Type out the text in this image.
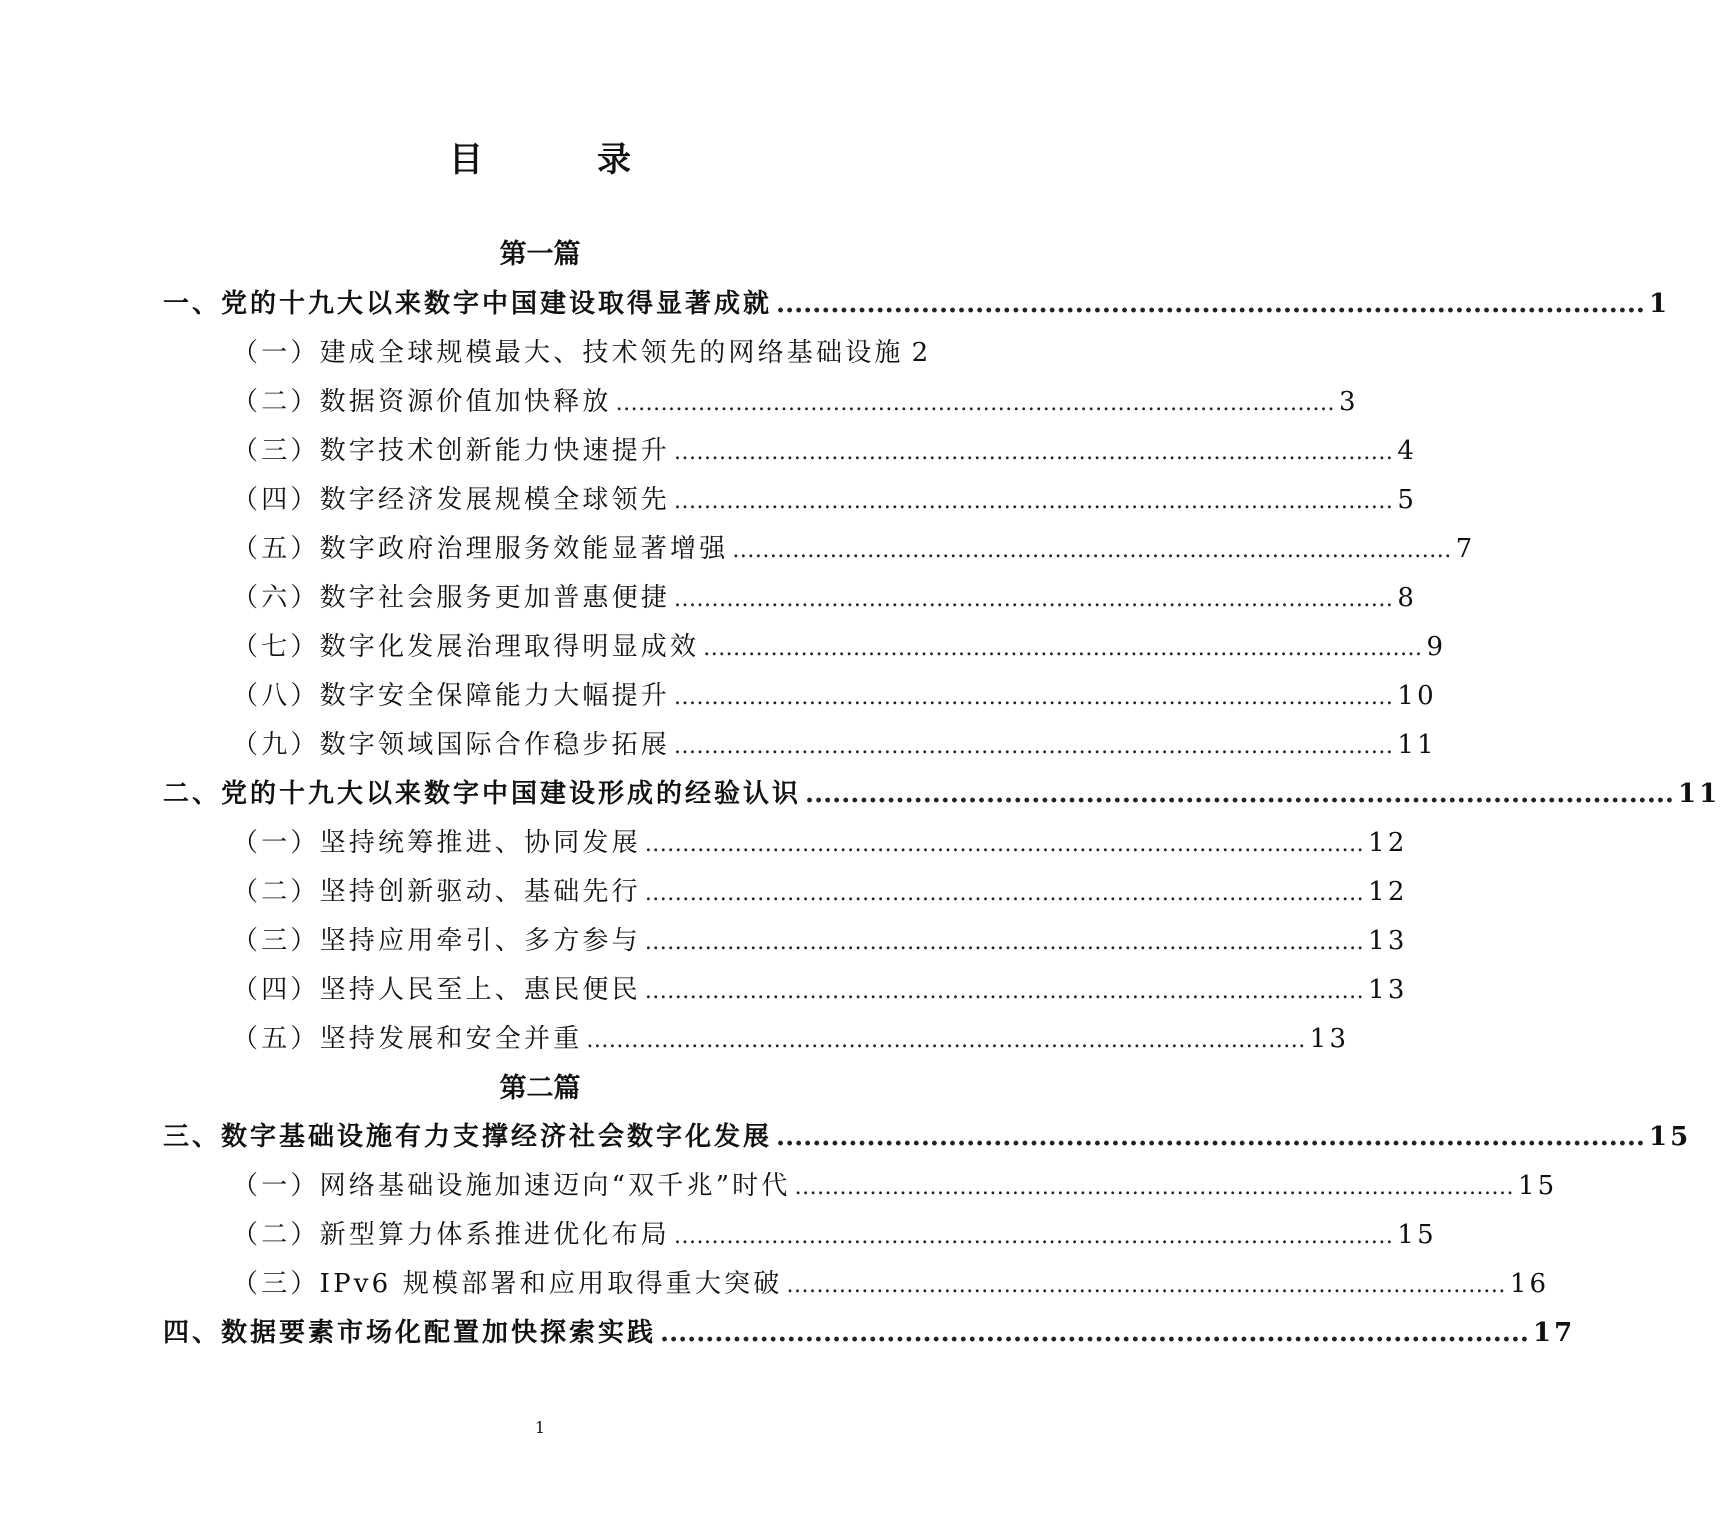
目　录
第一篇
第二篇
一、党的十九大以来数字中国建设取得显著成就 ................................................................................................ 1
（一）建成全球规模最大、技术领先的网络基础设施 2
（二）数据资源价值加快释放 ................................................................................................ 3
（三）数字技术创新能力快速提升 ................................................................................................ 4
（四）数字经济发展规模全球领先 ................................................................................................ 5
（五）数字政府治理服务效能显著增强 ................................................................................................ 7
（六）数字社会服务更加普惠便捷 ................................................................................................ 8
（七）数字化发展治理取得明显成效 ................................................................................................ 9
（八）数字安全保障能力大幅提升 ................................................................................................ 10
（九）数字领域国际合作稳步拓展 ................................................................................................ 11
二、党的十九大以来数字中国建设形成的经验认识 ................................................................................................ 11
（一）坚持统筹推进、协同发展 ................................................................................................ 12
（二）坚持创新驱动、基础先行 ................................................................................................ 12
（三）坚持应用牵引、多方参与 ................................................................................................ 13
（四）坚持人民至上、惠民便民 ................................................................................................ 13
（五）坚持发展和安全并重 ................................................................................................ 13
三、数字基础设施有力支撑经济社会数字化发展 ................................................................................................ 15
（一）网络基础设施加速迈向“双千兆”时代 ................................................................................................ 15
（二）新型算力体系推进优化布局 ................................................................................................ 15
（三）IPv6 规模部署和应用取得重大突破 ................................................................................................ 16
四、数据要素市场化配置加快探索实践 ................................................................................................ 17
1
